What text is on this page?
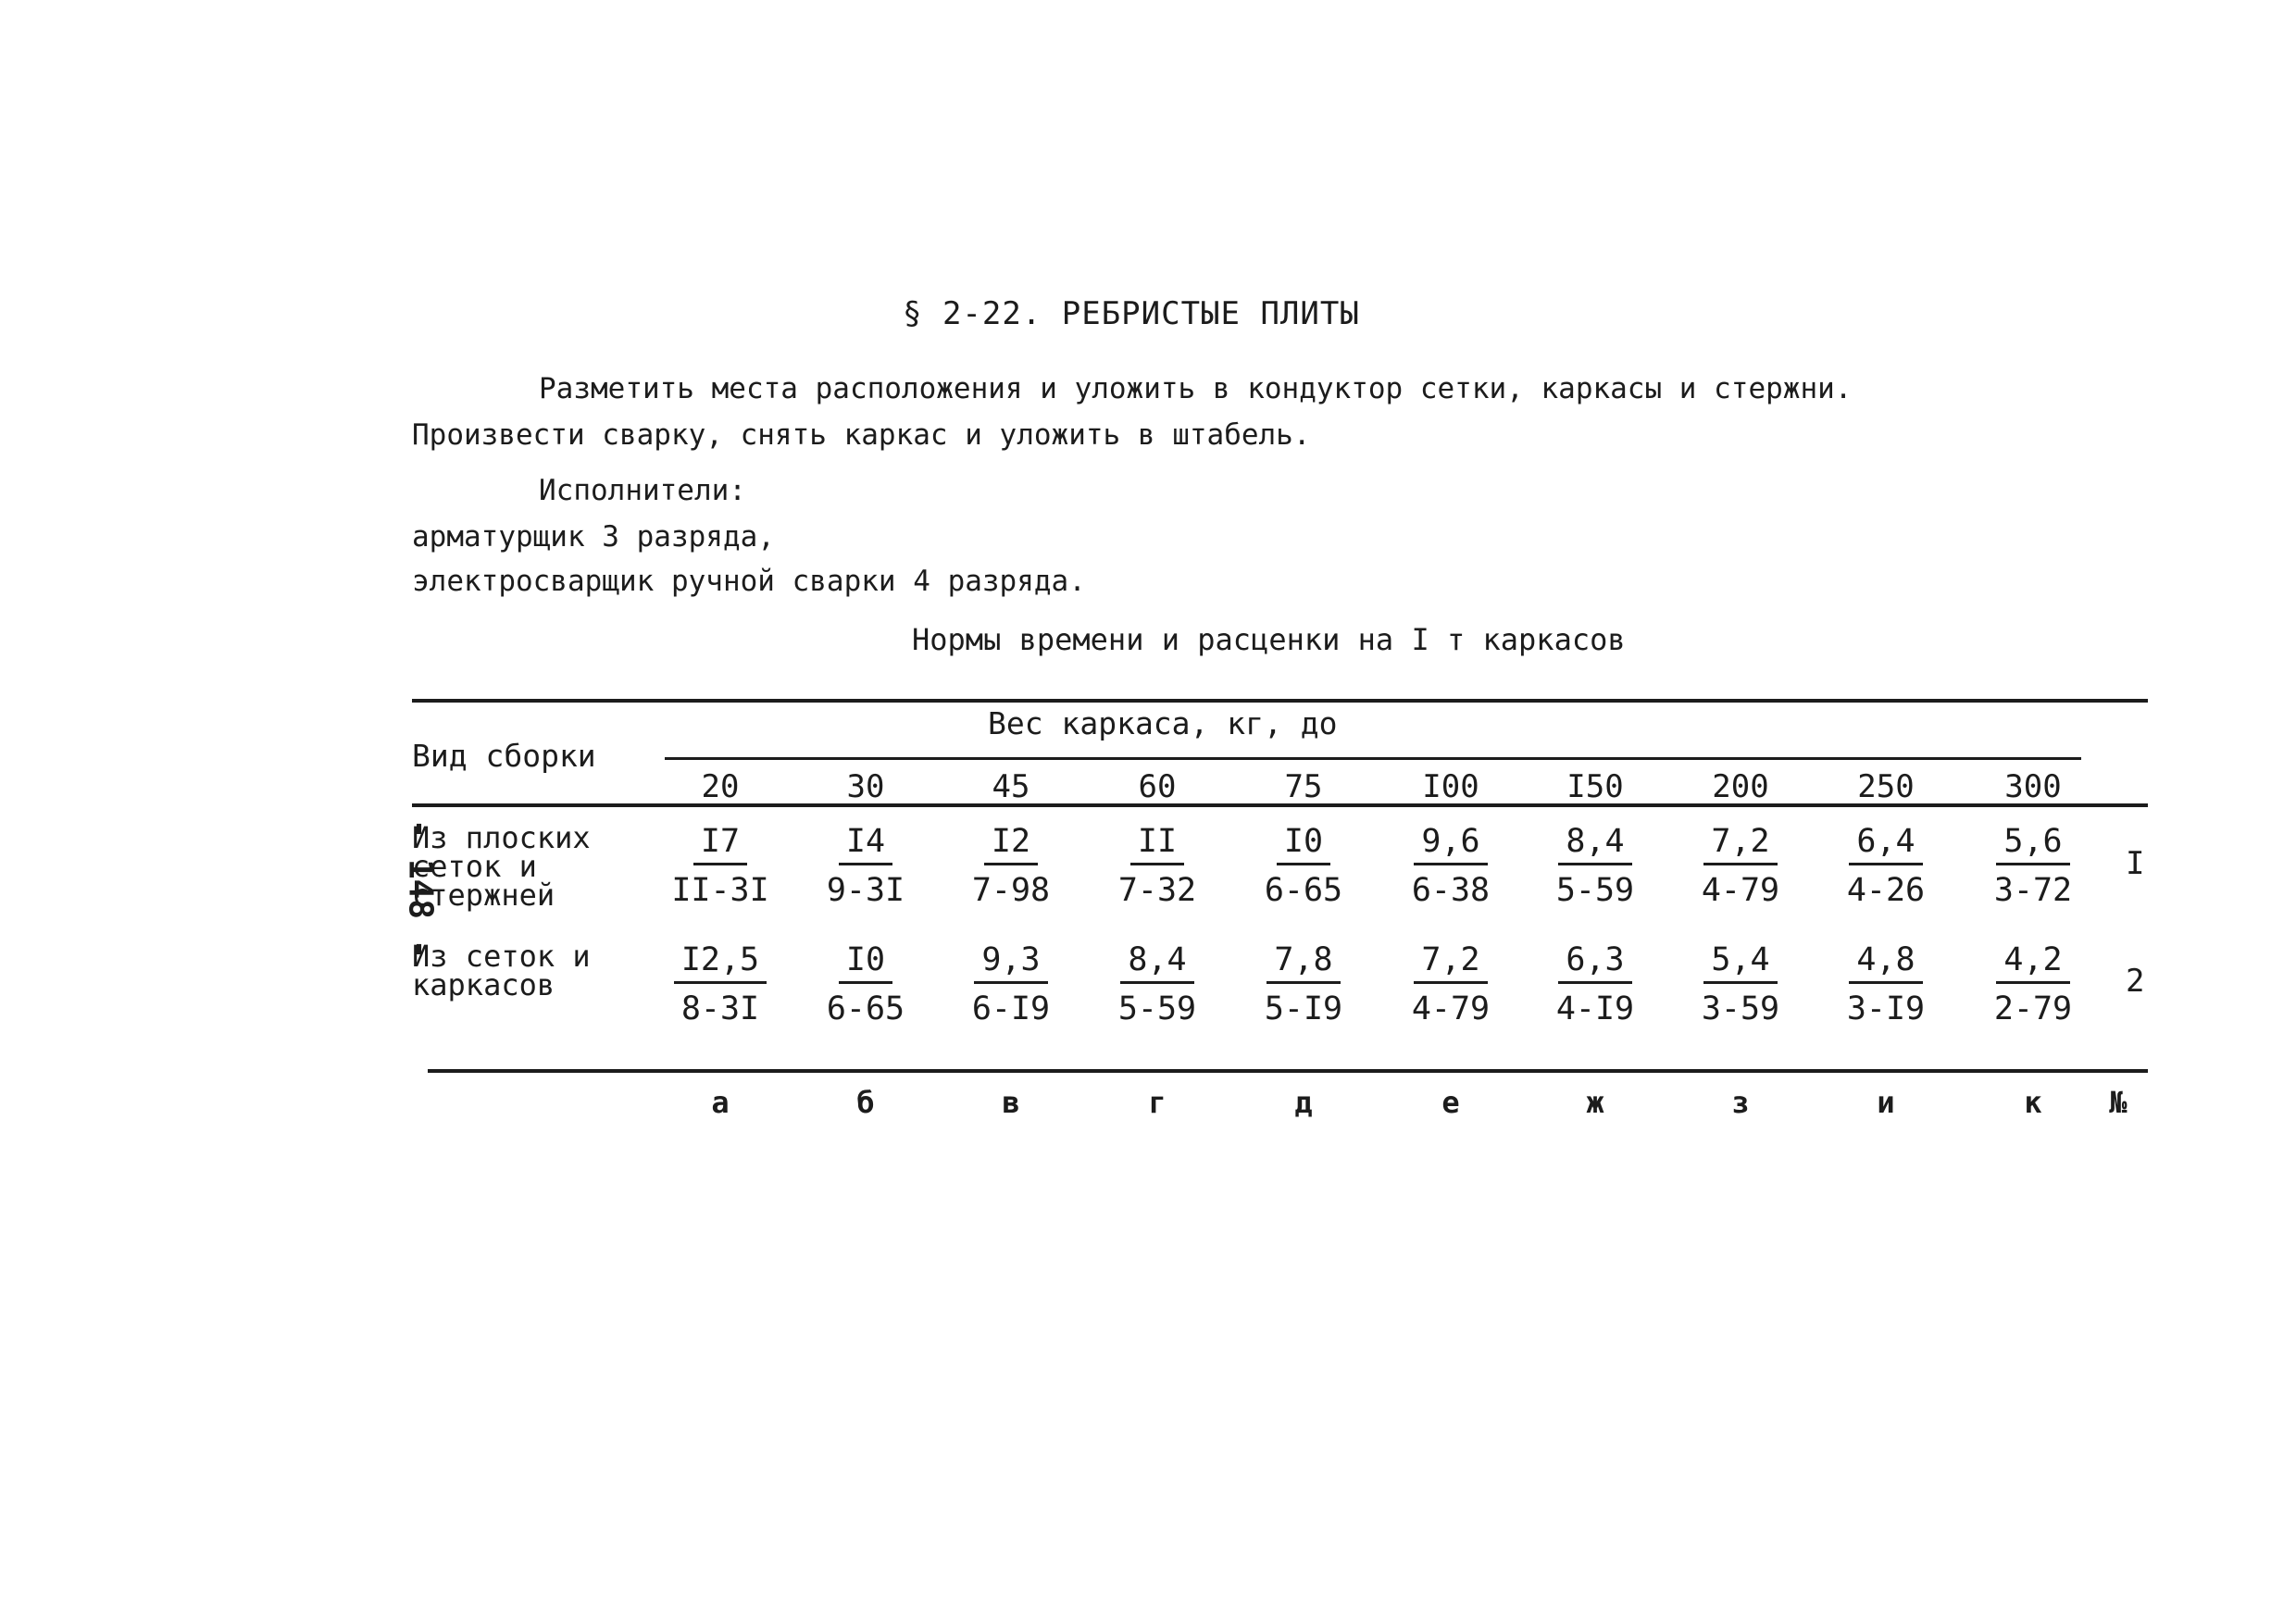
§ 2-22. РЕБРИСТЫЕ ПЛИТЫ
Разметить места расположения и уложить в кондуктор сетки, каркасы и стержни.
Произвести сварку, снять каркас и уложить в штабель.
Исполнители:
арматурщик 3 разряда,
электросварщик ручной сварки 4 разряда.
Нормы времени и расценки на I т каркасов
- 148 -
Вид сборки
Вес каркаса, кг, до
20	30	45	60	75	I00	I50	200	250	300
Из плоских
сеток и
стержней	$\frac{I7}{II-3I} \frac{I4}{9-3I} \frac{I2}{7-98} \frac{II}{7-32} \frac{I0}{6-65} \frac{9,6}{6-38} \frac{8,4}{5-59} \frac{7,2}{4-79} \frac{6,4}{4-26} \frac{5,6}{3-72}$ I
Из сеток и
каркасов	$\frac{I2,5}{8-3I} \frac{I0}{6-65} \frac{9,3}{6-I9} \frac{8,4}{5-59} \frac{7,8}{5-I9} \frac{7,2}{4-79} \frac{6,3}{4-I9} \frac{5,4}{3-59} \frac{4,8}{3-I9} \frac{4,2}{2-79} 2$
а	б	в	г	д	е	ж	з	и	к	№
